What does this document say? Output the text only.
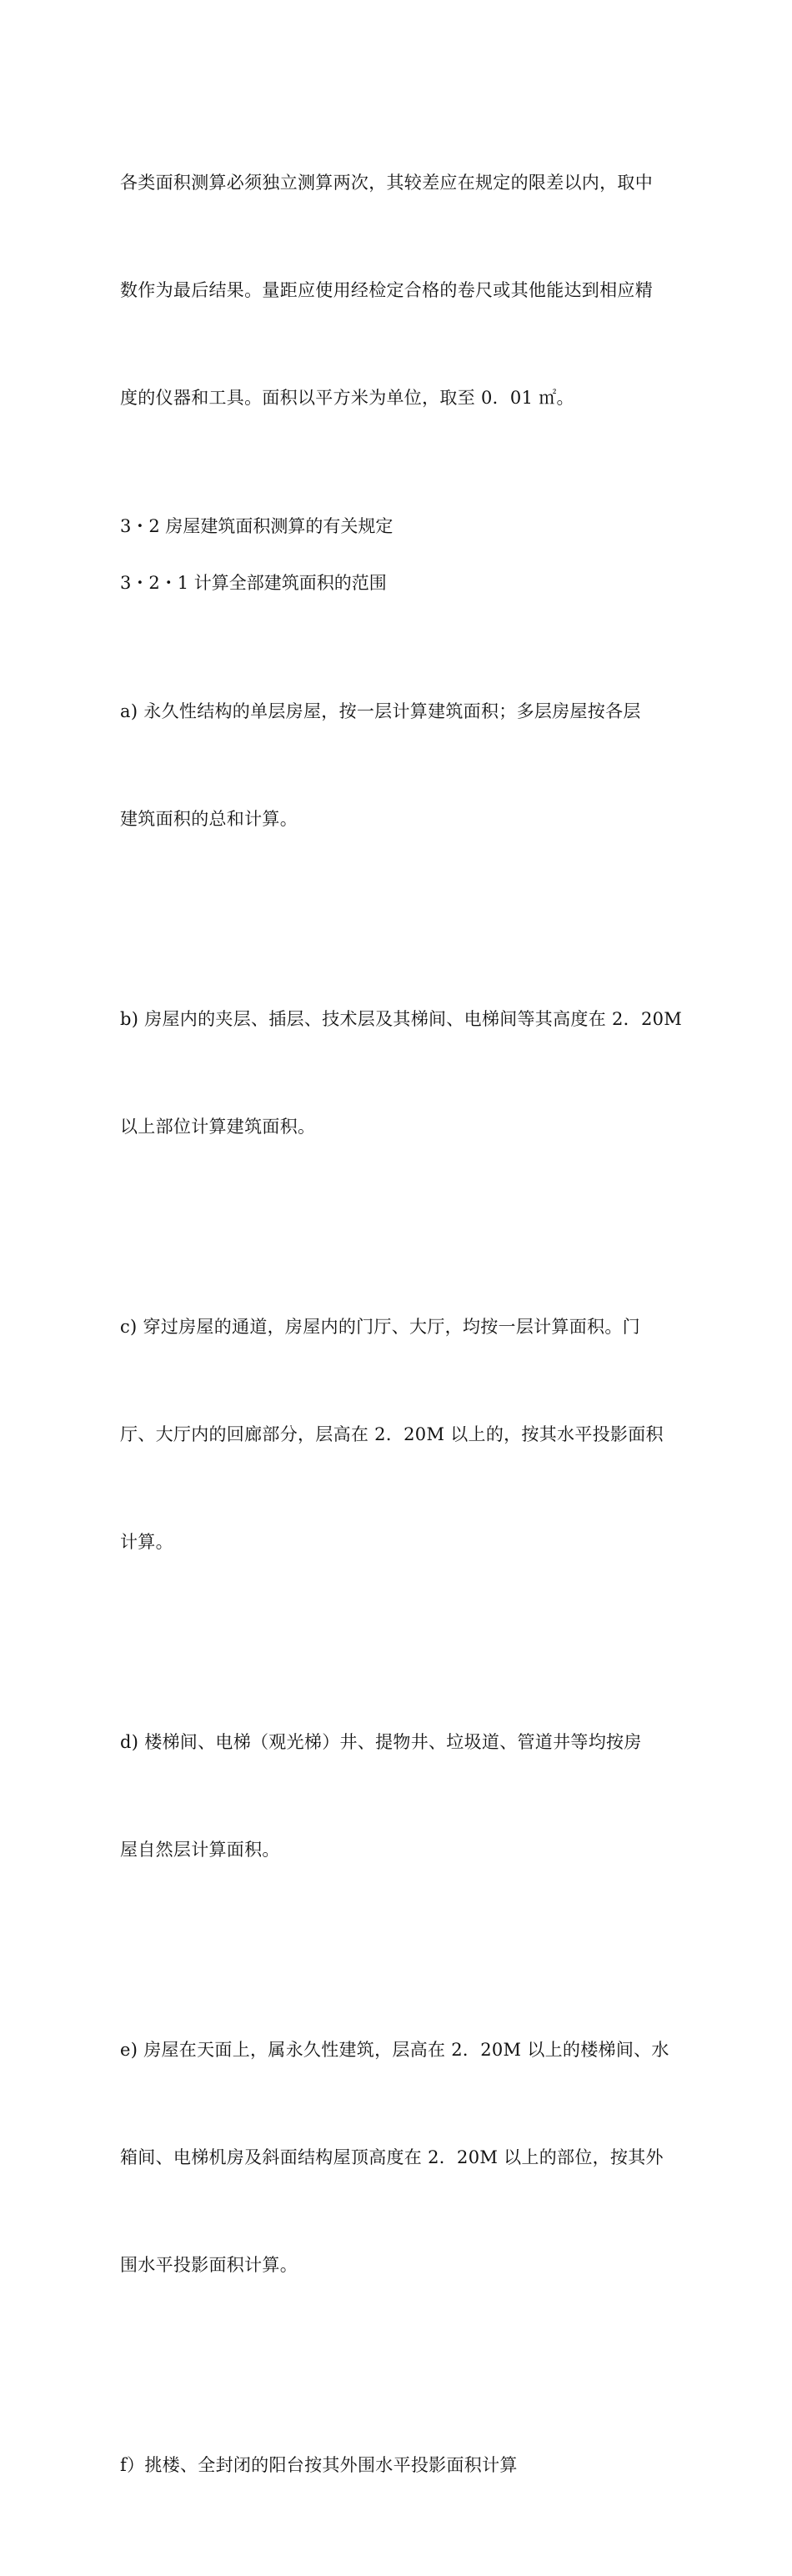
各类面积测算必须独立测算两次，其较差应在规定的限差以内，取中

数作为最后结果。量距应使用经检定合格的卷尺或其他能达到相应精

度的仪器和工具。面积以平方米为单位，取至 0．01 ㎡。

3・2 房屋建筑面积测算的有关规定
3・2・1 计算全部建筑面积的范围

a) 永久性结构的单层房屋，按一层计算建筑面积；多层房屋按各层

建筑面积的总和计算。

b) 房屋内的夹层、插层、技术层及其梯间、电梯间等其高度在 2．20M

以上部位计算建筑面积。

c) 穿过房屋的通道，房屋内的门厅、大厅，均按一层计算面积。门

厅、大厅内的回廊部分，层高在 2．20M 以上的，按其水平投影面积

计算。

d) 楼梯间、电梯（观光梯）井、提物井、垃圾道、管道井等均按房

屋自然层计算面积。

e) 房屋在天面上，属永久性建筑，层高在 2．20M 以上的楼梯间、水

箱间、电梯机房及斜面结构屋顶高度在 2．20M 以上的部位，按其外

围水平投影面积计算。

f）挑楼、全封闭的阳台按其外围水平投影面积计算
